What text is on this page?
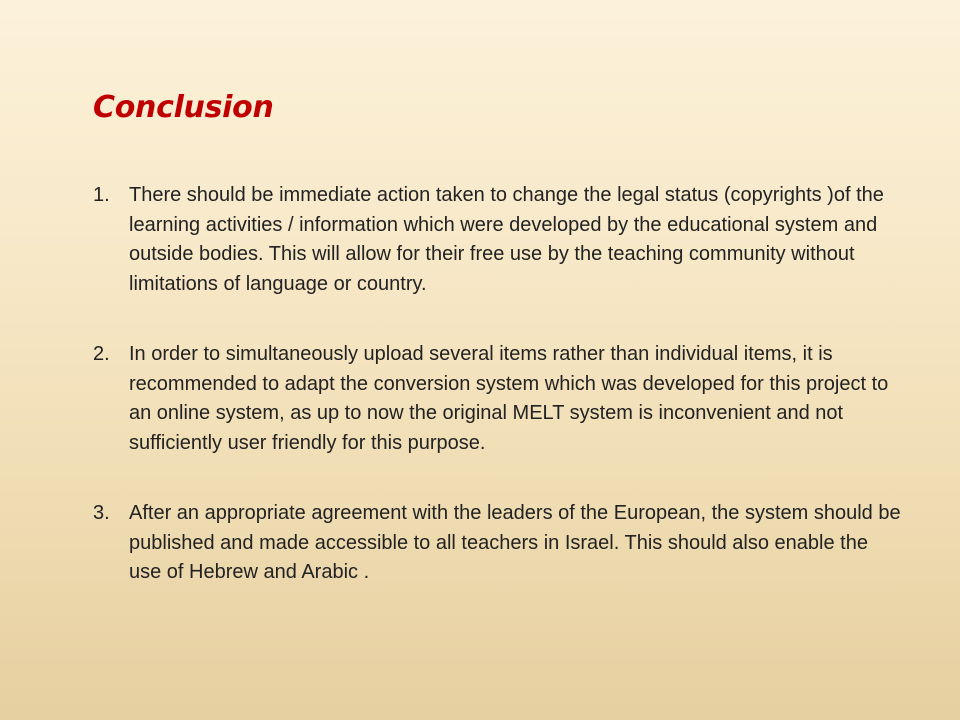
Conclusion
1. There should be immediate action taken to change the legal status (copyrights )of the learning activities / information which were developed by the educational system and outside bodies. This will allow for their free use by the teaching community without limitations of language or country.
2. In order to simultaneously upload several items rather than individual items, it is recommended to adapt the conversion system which was developed for this project to an online system, as up to now the original MELT system is inconvenient and not sufficiently user friendly for this purpose.
3. After an appropriate agreement with the leaders of the European, the system should be published and made accessible to all teachers in Israel. This should also enable the use of Hebrew and Arabic .
